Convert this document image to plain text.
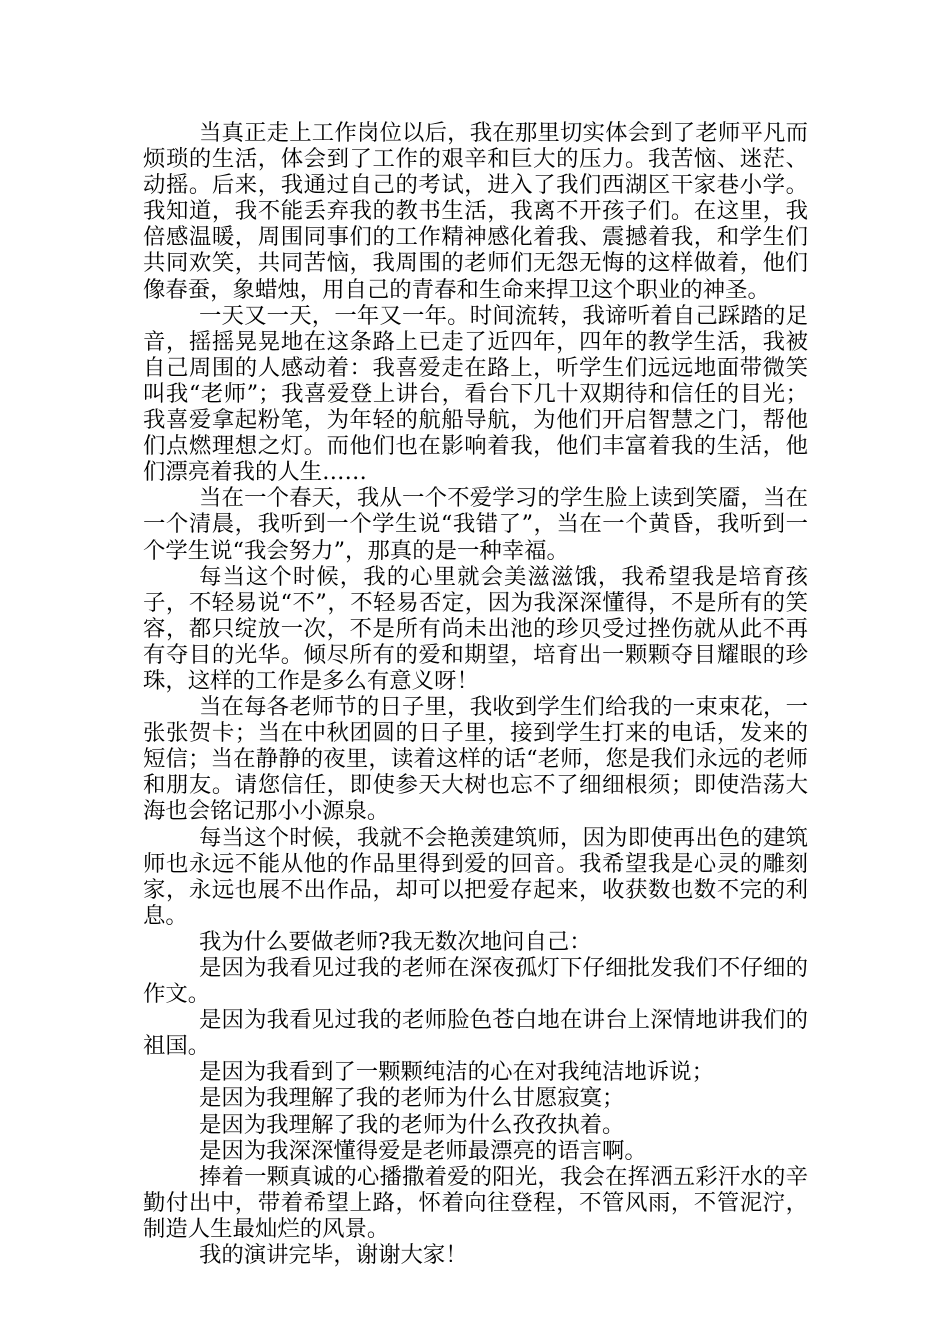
当真正走上工作岗位以后，我在那里切实体会到了老师平凡而烦琐的生活，体会到了工作的艰辛和巨大的压力。我苦恼、迷茫、动摇。后来，我通过自己的考试，进入了我们西湖区干家巷小学。我知道，我不能丢弃我的教书生活，我离不开孩子们。在这里，我倍感温暖，周围同事们的工作精神感化着我、震撼着我，和学生们共同欢笑，共同苦恼，我周围的老师们无怨无悔的这样做着，他们像春蚕，象蜡烛，用自己的青春和生命来捍卫这个职业的神圣。

一天又一天，一年又一年。时间流转，我谛听着自己踩踏的足音，摇摇晃晃地在这条路上已走了近四年，四年的教学生活，我被自己周围的人感动着：我喜爱走在路上，听学生们远远地面带微笑叫我“老师”；我喜爱登上讲台，看台下几十双期待和信任的目光；我喜爱拿起粉笔，为年轻的航船导航，为他们开启智慧之门，帮他们点燃理想之灯。而他们也在影响着我，他们丰富着我的生活，他们漂亮着我的人生……

当在一个春天，我从一个不爱学习的学生脸上读到笑靥，当在一个清晨，我听到一个学生说“我错了”，当在一个黄昏，我听到一个学生说“我会努力”，那真的是一种幸福。

每当这个时候，我的心里就会美滋滋饿，我希望我是培育孩子，不轻易说“不”，不轻易否定，因为我深深懂得，不是所有的笑容，都只绽放一次，不是所有尚未出池的珍贝受过挫伤就从此不再有夺目的光华。倾尽所有的爱和期望，培育出一颗颗夺目耀眼的珍珠，这样的工作是多么有意义呀！

当在每各老师节的日子里，我收到学生们给我的一束束花，一张张贺卡；当在中秋团圆的日子里，接到学生打来的电话，发来的短信；当在静静的夜里，读着这样的话“老师，您是我们永远的老师和朋友。请您信任，即使参天大树也忘不了细细根须；即使浩荡大海也会铭记那小小源泉。

每当这个时候，我就不会艳羡建筑师，因为即使再出色的建筑师也永远不能从他的作品里得到爱的回音。我希望我是心灵的雕刻家，永远也展不出作品，却可以把爱存起来，收获数也数不完的利息。

我为什么要做老师?我无数次地问自己：

是因为我看见过我的老师在深夜孤灯下仔细批发我们不仔细的作文。

是因为我看见过我的老师脸色苍白地在讲台上深情地讲我们的祖国。

是因为我看到了一颗颗纯洁的心在对我纯洁地诉说；

是因为我理解了我的老师为什么甘愿寂寞；

是因为我理解了我的老师为什么孜孜执着。

是因为我深深懂得爱是老师最漂亮的语言啊。

捧着一颗真诚的心播撒着爱的阳光，我会在挥洒五彩汗水的辛勤付出中，带着希望上路，怀着向往登程，不管风雨，不管泥泞，制造人生最灿烂的风景。

我的演讲完毕，谢谢大家！
